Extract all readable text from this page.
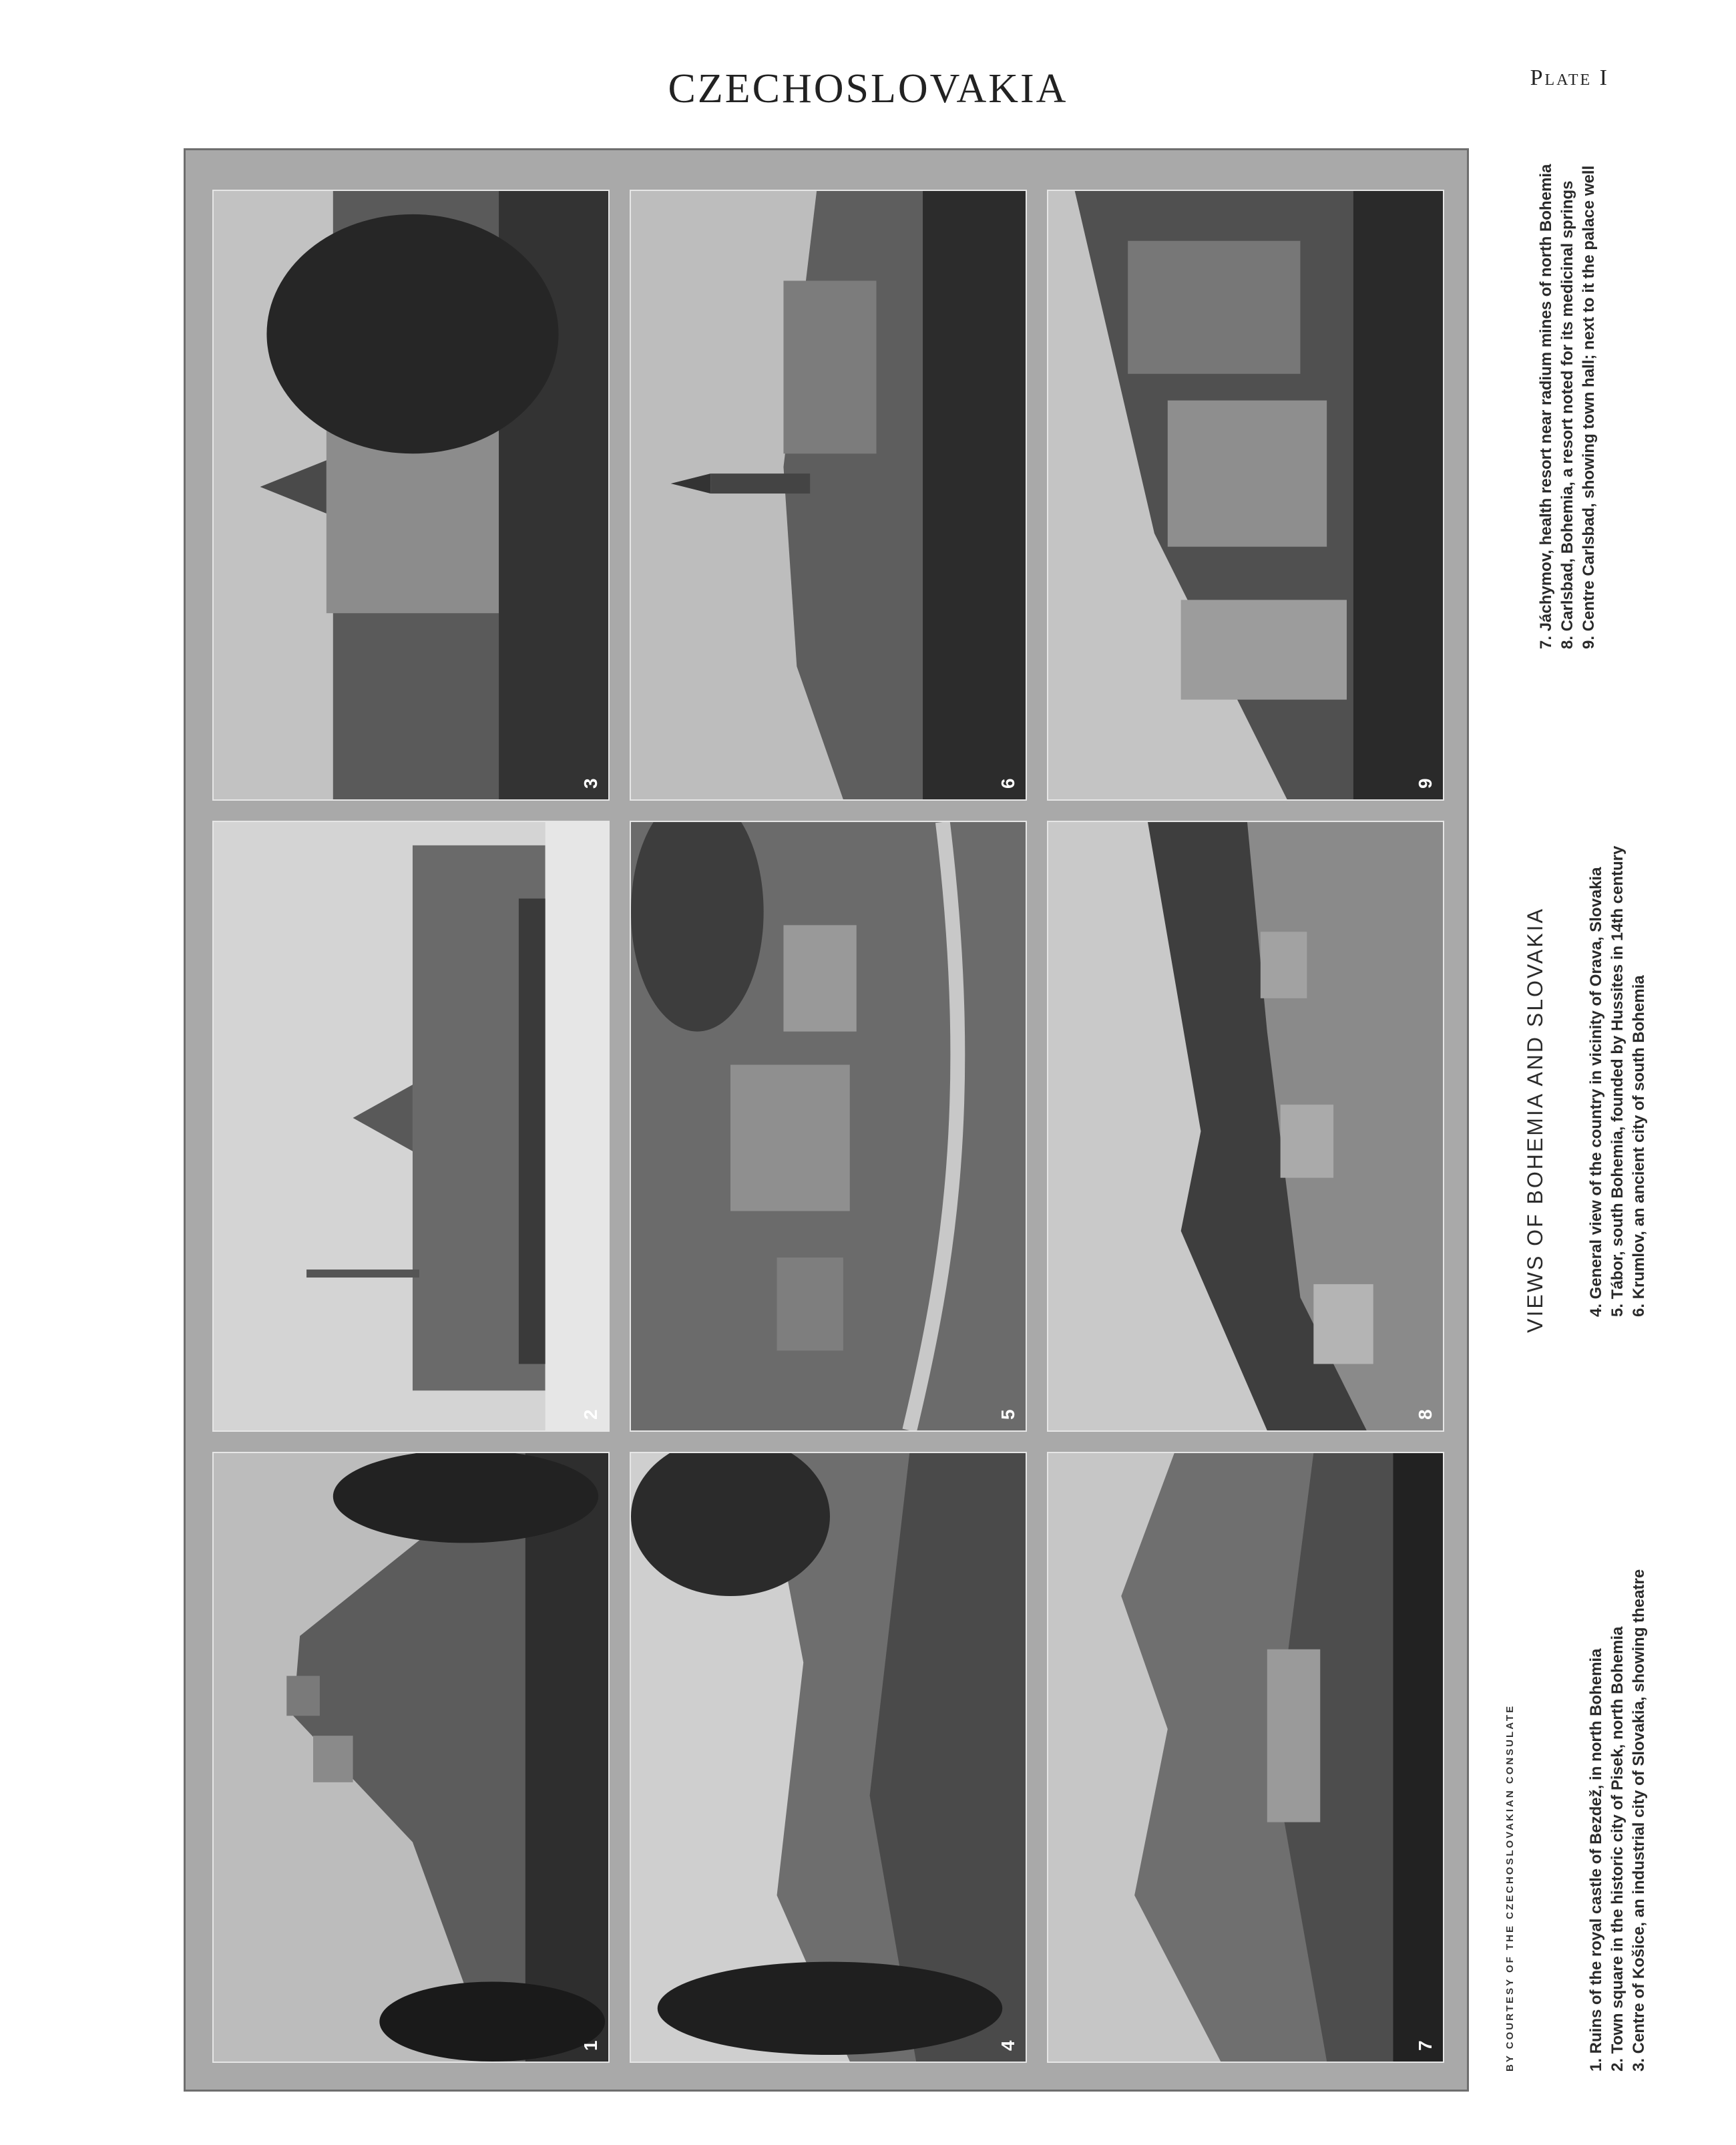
CZECHOSLOVAKIA	Plate I
1
2
3
4
5
6
7
8
9
BY COURTESY OF THE CZECHOSLOVAKIAN CONSULATE
VIEWS OF BOHEMIA AND SLOVAKIA
1. Ruins of the royal castle of Bezdež, in north Bohemia 2. Town square in the historic city of Pisek, north Bohemia 3. Centre of Košice, an industrial city of Slovakia, showing theatre
4. General view of the country in vicinity of Orava, Slovakia 5. Tábor, south Bohemia, founded by Hussites in 14th century 6. Krumlov, an ancient city of south Bohemia
7. Jáchymov, health resort near radium mines of north Bohemia 8. Carlsbad, Bohemia, a resort noted for its medicinal springs 9. Centre Carlsbad, showing town hall; next to it the palace well
